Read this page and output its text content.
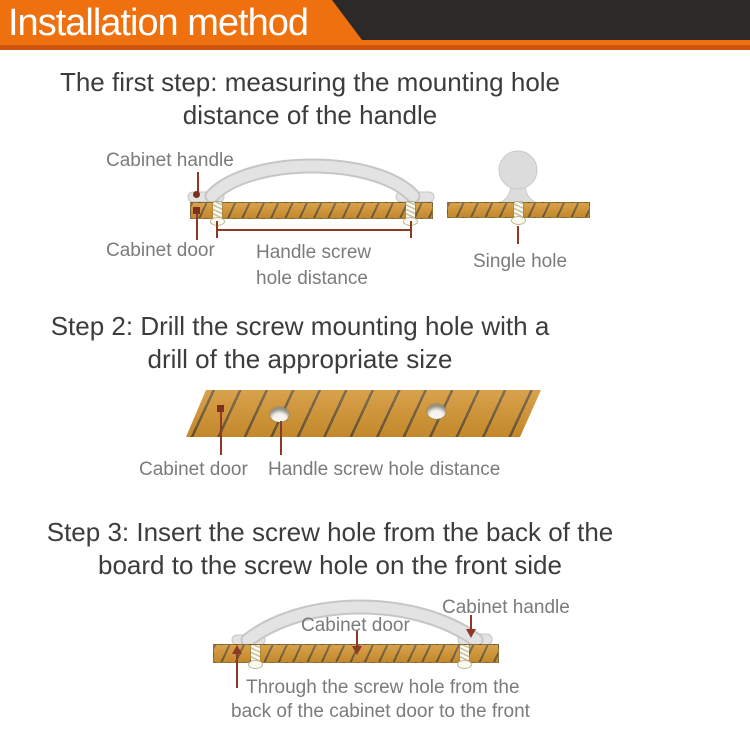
Installation method
The first step: measuring the mounting hole
distance of the handle
Cabinet handle
Cabinet door Handle screw
hole distance
Single hole
Step 2: Drill the screw mounting hole with a
drill of the appropriate size
Cabinet door Handle screw hole distance
Step 3: Insert the screw hole from the back of the
board to the screw hole on the front side
Cabinet door
Cabinet handle
Through the screw hole from the
back of the cabinet door to the front
